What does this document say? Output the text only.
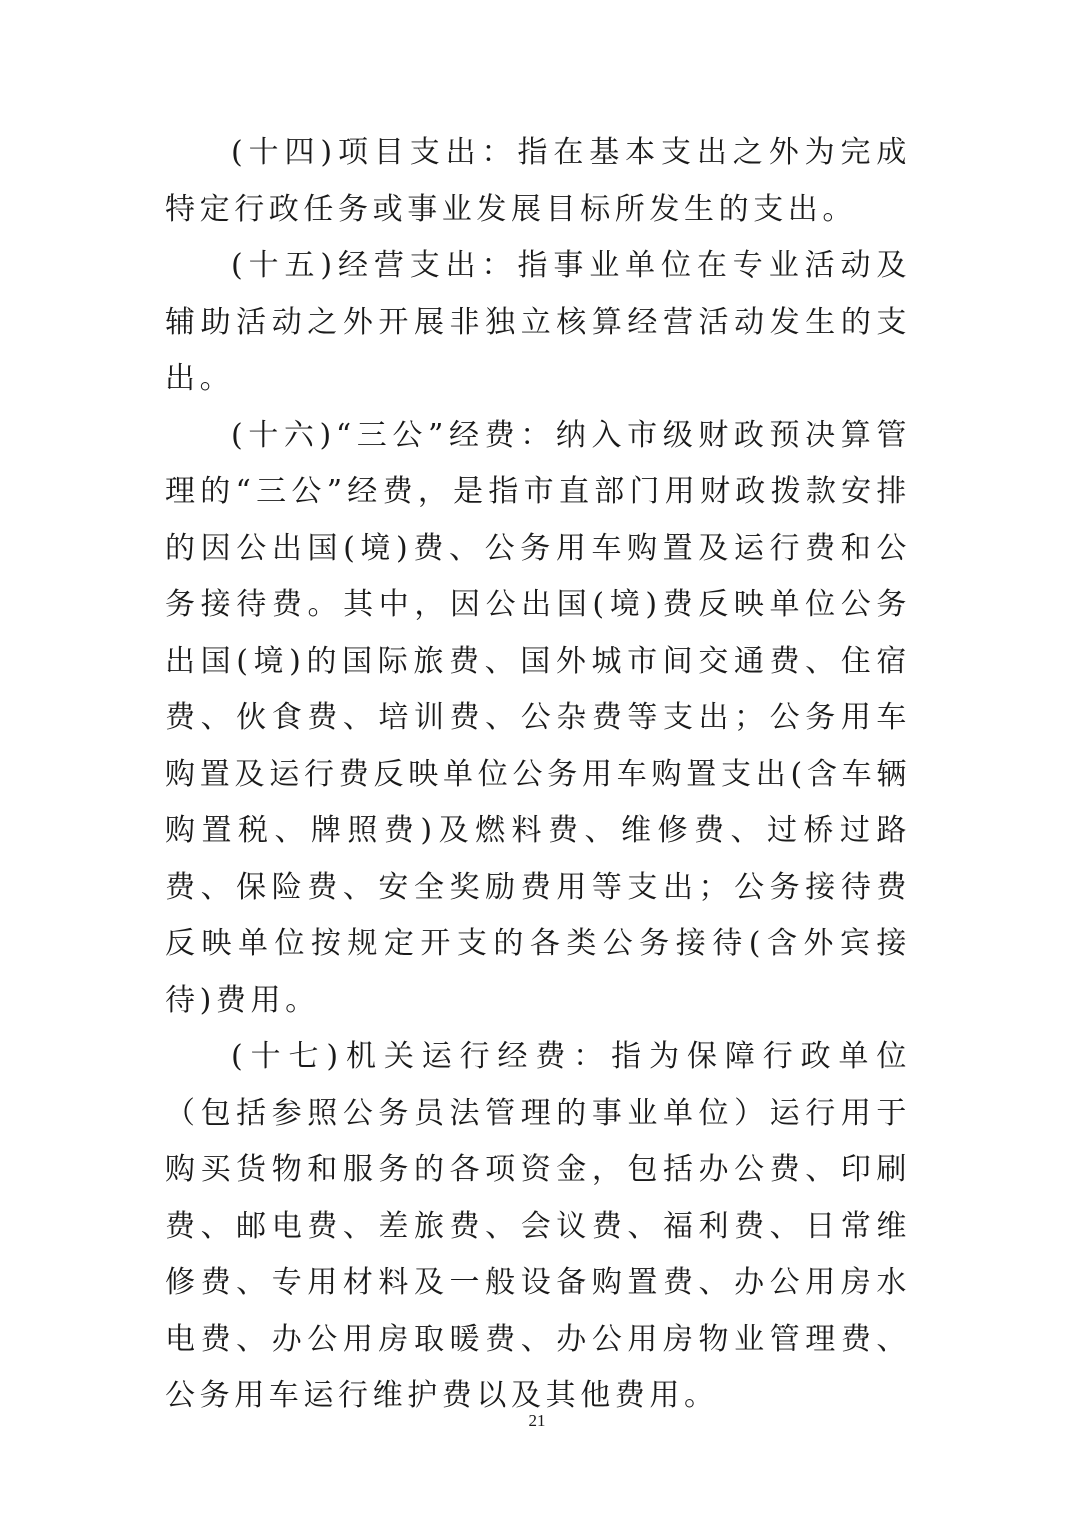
(十四)项目支出：指在基本支出之外为完成特定行政任务或事业发展目标所发生的支出。

(十五)经营支出：指事业单位在专业活动及辅助活动之外开展非独立核算经营活动发生的支出。

(十六)“三公”经费：纳入市级财政预决算管理的“三公”经费，是指市直部门用财政拨款安排的因公出国(境)费、公务用车购置及运行费和公务接待费。其中，因公出国(境)费反映单位公务出国(境)的国际旅费、国外城市间交通费、住宿费、伙食费、培训费、公杂费等支出；公务用车购置及运行费反映单位公务用车购置支出(含车辆购置税、牌照费)及燃料费、维修费、过桥过路费、保险费、安全奖励费用等支出；公务接待费反映单位按规定开支的各类公务接待(含外宾接待)费用。

(十七)机关运行经费：指为保障行政单位（包括参照公务员法管理的事业单位）运行用于购买货物和服务的各项资金，包括办公费、印刷费、邮电费、差旅费、会议费、福利费、日常维修费、专用材料及一般设备购置费、办公用房水电费、办公用房取暖费、办公用房物业管理费、公务用车运行维护费以及其他费用。

21
